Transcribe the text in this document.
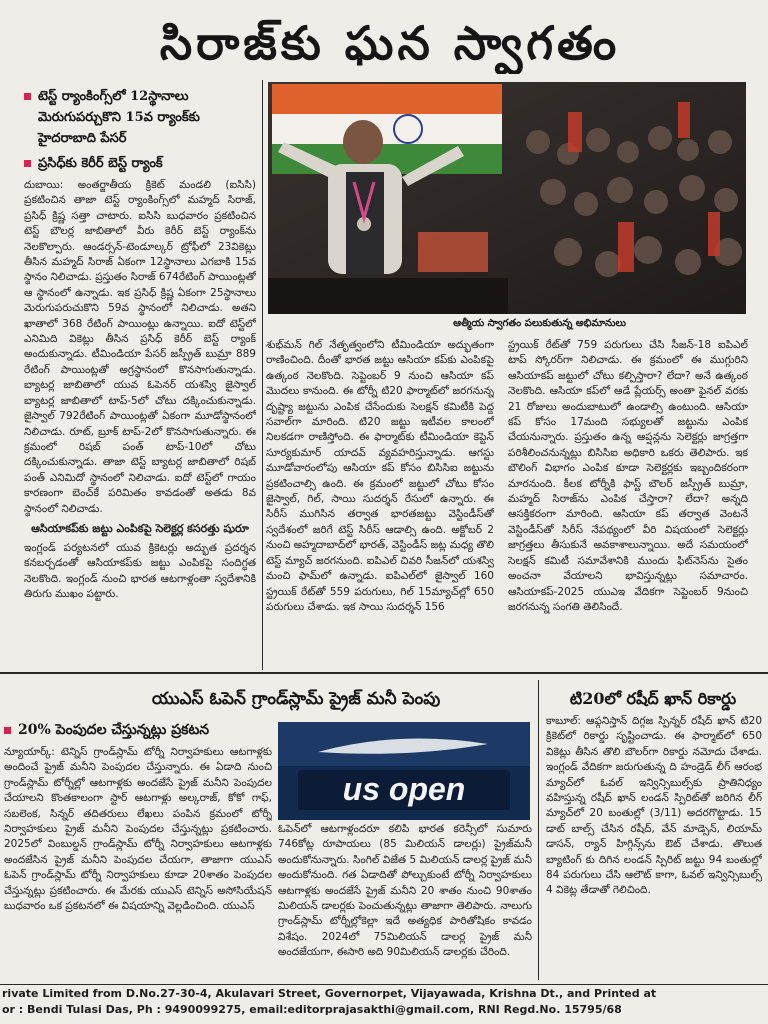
సిరాజ్‌కు ఘన స్వాగతం
టెస్ట్ ర్యాంకింగ్స్‌లో 12స్థానాలు మెరుగుపర్చుకొని 15వ ర్యాంక్‌కు హైదరాబాది పేసర్
ప్రసిధ్‌కు కెరీర్ బెస్ట్ ర్యాంక్

దుబాయి: అంతర్జాతీయ క్రికెట్ మండలి (ఐసిసి) ప్రకటించిన తాజా టెస్ట్ ర్యాంకింగ్స్‌లో మహ్మద్ సిరాజ్, ప్రసిధ్ క్రిష్ణ సత్తా చాటారు. ఐసిసి బుధవారం ప్రకటించిన టెస్ట్ బౌలర్ల జాబితాలో వీరు కెరీర్ బెస్ట్ ర్యాంక్‌ను నెలకొల్పారు. ఆండర్సన్-టెండూల్కర్ ట్రోఫీలో 23వికెట్లు తీసిన మహ్మద్ సిరాజ్ ఏకంగా 12స్థానాలు ఎగబాకి 15వ స్థానం నిలిచాడు. ప్రస్తుతం సిరాజ్ 674రేటింగ్ పాయింట్లతో ఆ స్థానంలో ఉన్నాడు. ఇక ప్రసిధ్ క్రిష్ణ ఏకంగా 25స్థానాలు మెరుగుపరుచుకొని 59వ స్థానంలో నిలిచాడు. అతని ఖాతాలో 368 రేటింగ్ పాయింట్లు ఉన్నాయి. ఐదో టెస్ట్‌లో ఎనిమిది వికెట్లు తీసిన ప్రసిధ్ కెరీర్ బెస్ట్ ర్యాంక్ అందుకున్నాడు. టీమిండియా పేసర్ జస్ప్రీత్ బుమ్రా 889 రేటింగ్ పాయింట్లతో అగ్రస్థానంలో కొనసాగుతున్నాడు. బ్యాటర్ల జాబితాలో యువ ఓపెనర్ యశస్వి జైస్వాల్ బ్యాటర్ల జాబితాలో టాప్-5లో చోటు దక్కించుకున్నాడు. జైస్వాల్ 792రేటింగ్ పాయింట్లతో ఏకంగా మూడోస్థానంలో నిలిచాడు. రూట్, బ్రూక్ టాప్-2లో కొనసాగుతున్నారు. ఈ క్రమంలో రిషబ్ పంత్ టాప్-10లో చోటు దక్కించుకున్నాడు. తాజా టెస్ట్ బ్యాటర్ల జాబితాలో రిషబ్ పంత్ ఎనిమిదో స్థానంలో నిలిచాడు. ఐదో టెస్ట్‌లో గాయం కారణంగా బెంచ్‌కే పరిమితం కావడంతో అతడు 8వ స్థానంలో నిలిచాడు.

ఆసియాకప్‌కు జట్టు ఎంపికపై సెలెక్టర్ల కసరత్తు షురూ

ఇంగ్లండ్ పర్యటనలో యువ క్రికెటర్లు అద్భుత ప్రదర్శన కనబర్చడంతో ఆసియాకప్‌కు జట్టు ఎంపికపై సందిగ్ధత నెలకొంది. ఇంగ్లండ్ నుంచి భారత ఆటగాళ్లంతా స్వదేశానికి తిరుగు ముఖం పట్టారు.

ఆత్మీయ స్వాగతం పలుకుతున్న అభిమానులు

శుభ్‌మన్ గిల్ నేతృత్వంలోని టీమిండియా అద్భుతంగా రాణించింది. దీంతో భారత జట్టు ఆసియా కప్‌కు ఎంపికపై ఉత్కంఠ నెలకొంది. సెప్టెంబర్ 9 నుంచి ఆసియా కప్ మొదలు కానుంది. ఈ టోర్నీ టి20 ఫార్మాట్‌లో జరగనున్న దృష్ట్యా జట్టును ఎంపిక చేసేందుకు సెలక్షన్ కమిటీకి పెద్ద సవాల్‌గా మారింది. టి20 జట్టు ఇటీవల కాలంలో నిలకడగా రాణిస్తోంది. ఈ ఫార్మాట్‌కు టీమిండియా కెప్టెన్ సూర్యకుమార్ యాదవ్ వ్యవహరిస్తున్నాడు. ఆగస్టు మూడోవారంలోపు ఆసియా కప్ కోసం బిసిసిఐ జట్టును ప్రకటించాల్సి ఉంది. ఈ క్రమంలో జట్టులో చోటు కోసం జైస్వాల్, గిల్, సాయి సుదర్శన్ రేసులో ఉన్నారు. ఈ సిరీస్ ముగిసిన తర్వాత భారతజట్టు వెస్టిండీస్‌తో స్వదేశంలో జరిగే టెస్ట్ సిరీస్ ఆడాల్సి ఉంది. అక్టోబర్ 2 నుంచి అహ్మదాబాద్‌లో భారత్, వెస్టిండీస్ జట్ల మధ్య తొలి టెస్ట్ మ్యాచ్ జరగనుంది. ఐపిఎల్ చివరి సీజన్‌లో యశస్వి మంచి ఫామ్‌లో ఉన్నాడు. ఐపిఎల్‌లో జైస్వాల్ 160 స్ట్రయిక్ రేట్‌తో 559 పరుగులు, గిల్ 15మ్యాచ్‌ల్లో 650 పరుగులు చేశాడు. ఇక సాయి సుదర్శన్ 156

స్ట్రయిక్ రేట్‌తో 759 పరుగులు చేసి సీజన్-18 ఐపిఎల్ టాప్ స్కోరర్‌గా నిలిచాడు. ఈ క్రమంలో ఈ ముగ్గురిని ఆసియాకప్ జట్టులో చోటు కల్పిస్తారా? లేదా? అనే ఉత్కంఠ నెలకొంది. ఆసియా కప్‌లో ఆడే ప్లేయర్స్ అంతా ఫైనల్ వరకు 21 రోజులు అందుబాటులో ఉండాల్సి ఉంటుంది. ఆసియా కప్ కోసం 17మంది సభ్యులతో జట్టును ఎంపిక చేయనున్నారు. ప్రస్తుతం ఉన్న ఆప్షన్లను సెలెక్టర్లు జాగ్రత్తగా పరిశీలించనున్నట్లు బిసిసిఐ అధికారి ఒకరు తెలిపారు. ఇక బౌలింగ్ విభాగం ఎంపిక కూడా సెలెక్టర్లకు ఇబ్బందికరంగా మారనుంది. కీలక టోర్నీకి ఫాస్ట్ బౌలర్ జస్ప్రీత్ బుమ్రా, మహ్మద్ సిరాజ్‌ను ఎంపిక చేస్తారా? లేదా? అన్నది ఆసక్తికరంగా మారింది. ఆసియా కప్ తర్వాత వెంటనే వెస్టిండీస్‌తో సిరీస్ నేపథ్యంలో వీరి విషయంలో సెలెక్టర్లు జాగ్రత్తలు తీసుకునే అవకాశాలున్నాయి. అదే సమయంలో సెలక్షన్ కమిటీ సమావేశానికి ముందు ఫిట్‌నెస్‌ను సైతం అంచనా వేయాలని భావిస్తున్నట్లు సమాచారం. ఆసియాకప్-2025 యుఎఇ వేదికగా సెప్టెంబర్ 9నుంచి జరగనున్న సంగతి తెలిసిందే.

యుఎస్ ఓపెన్ గ్రాండ్‌స్లామ్ ప్రైజ్ మనీ పెంపు
20% పెంపుదల చేస్తున్నట్లు ప్రకటన

న్యూయార్క్: టెన్నిస్ గ్రాండ్‌స్లామ్ టోర్నీ నిర్వాహకులు ఆటగాళ్లకు అందించే ప్రైజ్ మనీని పెంపుదల చేస్తున్నారు. ఈ ఏడాది నుంచి గ్రాండ్‌స్లామ్ టోర్నీల్లో ఆటగాళ్లకు అందజేసే ప్రైజ్ మనీని పెంపుదల చేయాలని కొంతకాలంగా స్టార్ ఆటగాళ్లు అల్కరాజ్, కోకో గాఫ్, సబలెంక, సిన్నర్ తదితరులు లేఖలు పంపిన క్రమంలో టోర్నీ నిర్వాహకులు ప్రైజ్ మనీని పెంపుదల చేస్తున్నట్లు ప్రకటించారు. 2025లో వింబుల్డన్ గ్రాండ్‌స్లామ్ టోర్నీ నిర్వాహకులు ఆటగాళ్లకు అందజేసిన ప్రైజ్ మనీని పెంపుదల చేయగా, తాజాగా యుఎస్ ఓపెన్ గ్రాండ్‌స్లామ్ టోర్నీ నిర్వాహకులు కూడా 20శాతం పెంపుదల చేస్తున్నట్లు ప్రకటించారు. ఈ మేరకు యుఎస్ టెన్నిస్ అసోసియేషన్ బుధవారం ఒక ప్రకటనలో ఈ విషయాన్ని వెల్లడించింది. యుఎస్

us open

ఓపెన్‌లో ఆటగాళ్లందరూ కలిపి భారత కరెన్సీలో సుమారు 746కోట్ల రూపాయలు (85 మిలియన్ డాలర్లు) ప్రైజ్‌మనీ అందుకోనున్నారు. సింగిల్ విజేత 5 మిలియన్ డాలర్ల ప్రైజ్ మనీ అందుకోనుంది. గత ఏడాదితో పోల్చుకుంటే టోర్నీ నిర్వాహకులు ఆటగాళ్లకు అందజేసే ప్రైజ్ మనీని 20 శాతం నుంచి 90శాతం మిలియన్ డాలర్లకు పెంచుతున్నట్లు తాజాగా తెలిపారు. నాలుగు గ్రాండ్‌స్లామ్ టోర్నీల్లోకెల్లా ఇదే అత్యధిక పారితోషికం కావడం విశేషం. 2024లో 75మిలియన్ డాలర్ల ప్రైజ్ మనీ అందజేయగా, ఈసారి అది 90మిలియన్ డాలర్లకు చేరింది.

టి20లో రషీద్ ఖాన్ రికార్డు

కాబూల్: ఆఫ్గనిస్తాన్ దిగ్గజ స్పిన్నర్ రషీద్ ఖాన్ టి20 క్రికెట్‌లో రికార్డు సృష్టించాడు. ఈ ఫార్మాట్‌లో 650 వికెట్లు తీసిన తొలి బౌలర్‌గా రికార్డు నమోదు చేశాడు. ఇంగ్లండ్ వేదికగా జరుగుతున్న ది హండ్రెడ్ లీగ్ ఆరంభ మ్యాచ్‌లో ఓవల్ ఇన్విన్సిబుల్స్‌కు ప్రాతినిధ్యం వహిస్తున్న రషీద్ ఖాన్ లండన్ స్పిరిట్‌తో జరిగిన లీగ్ మ్యాచ్‌లో 20 బంతుల్లో (3/11) అదరగొట్టాడు. 15 డాట్ బాల్స్ చేసిన రషీద్, వేన్ మాడ్సెన్, లియామ్ డాసన్, ర్యాన్ హిగ్గిన్స్‌ను ఔట్ చేశాడు. తొలుత బ్యాటింగ్ కు దిగిన లండన్ స్పిరిట్ జట్టు 94 బంతుల్లో 84 పరుగులు చేసి ఆలౌట్ కాగా, ఓవల్ ఇన్విన్సిబుల్స్ 4 వికెట్ల తేడాతో గెలిచింది.

rivate Limited from D.No.27-30-4, Akulavari Street, Governorpet, Vijayawada, Krishna Dt., and Printed at
or : Bendi Tulasi Das, Ph : 9490099275, email:editorprajasakthi@gmail.com, RNI Regd.No. 15795/68
